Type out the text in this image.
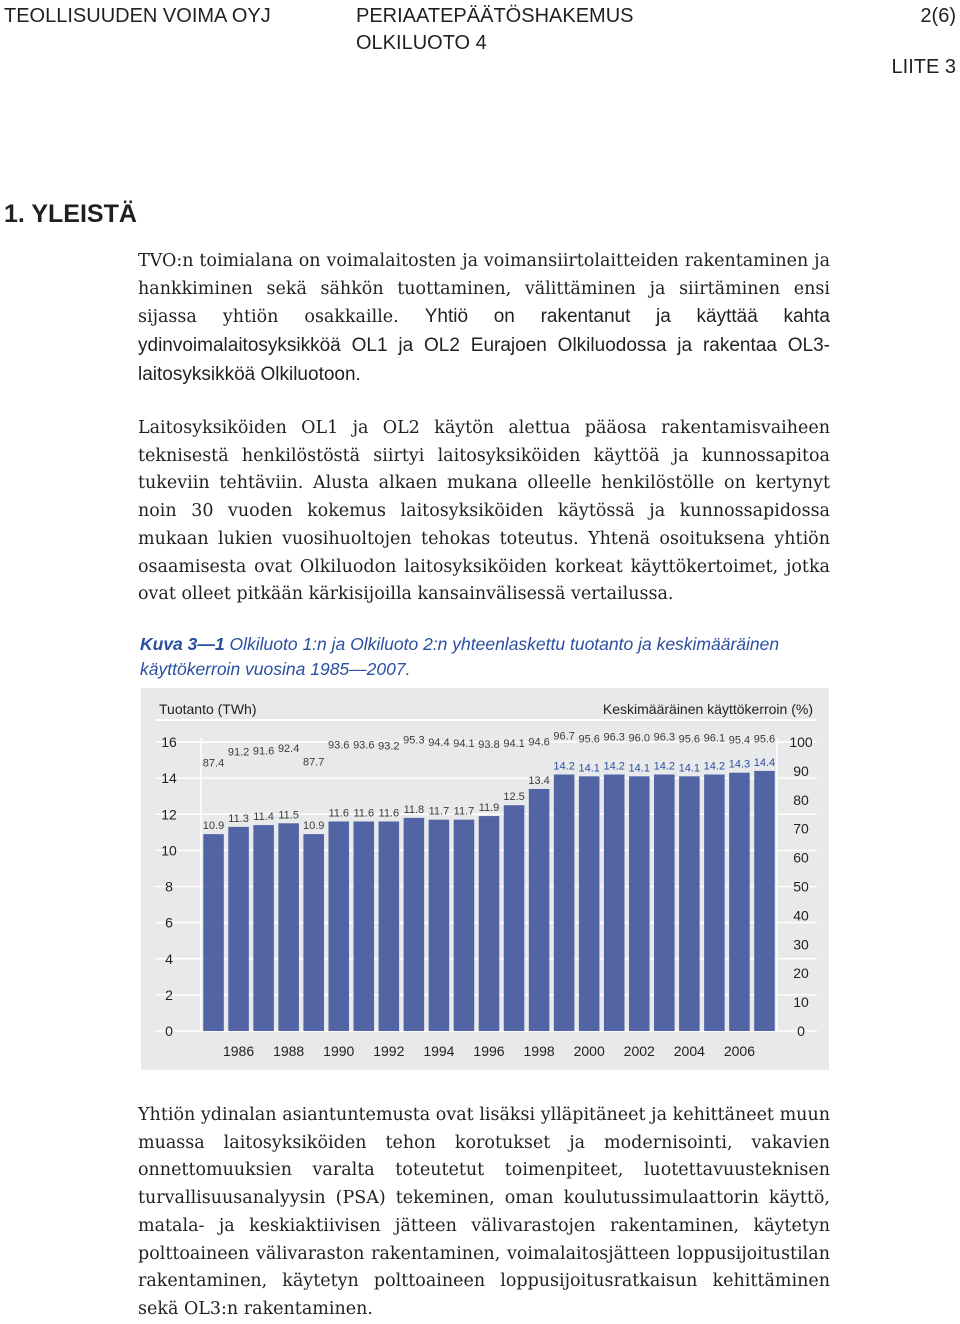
TEOLLISUUDEN VOIMA OYJ	PERIAATEPÄÄTÖSHAKEMUS
OLKILUOTO 4
2(6)
LIITE 3
1. YLEISTÄ

TVO:n toimialana on voimalaitosten ja voimansiirtolaitteiden rakentaminen ja hankkiminen sekä sähkön tuottaminen, välittäminen ja siirtäminen ensi sijassa yhtiön osakkaille. Yhtiö on rakentanut ja käyttää kahta ydinvoimalaitosyksikköä OL1 ja OL2 Eurajoen Olkiluodossa ja rakentaa OL3-laitosyksikköä Olkiluotoon.

Laitosyksiköiden OL1 ja OL2 käytön alettua pääosa rakentamisvaiheen teknisestä henkilöstöstä siirtyi laitosyksiköiden käyttöä ja kunnossapitoa tukeviin tehtäviin. Alusta alkaen mukana olleelle henkilöstölle on kertynyt noin 30 vuoden kokemus laitosyksiköiden käytössä ja kunnossapidossa mukaan lukien vuosihuoltojen tehokas toteutus. Yhtenä osoituksena yhtiön osaamisesta ovat Olkiluodon laitosyksiköiden korkeat käyttökertoimet, jotka ovat olleet pitkään kärkisijoilla kansainvälisessä vertailussa.

Kuva 3—1 Olkiluoto 1:n ja Olkiluoto 2:n yhteenlaskettu tuotanto ja keskimääräinen käyttökerroin vuosina 1985—2007.
Tuotanto (TWh)	Keskimääräinen käyttökerroin (%)
10.9
87.4
11.3
91.2
11.4
91.6
11.5
92.4
10.9
87.7
11.6
93.6
11.6
93.6
11.6
93.2
11.8
95.3
11.7
94.4
11.7
94.1
11.9
93.8
12.5
94.1
13.4
94.6
14.2
96.7
14.1
95.6
14.2
96.3
14.1
96.0
14.2
96.3
14.1
95.6
14.2
96.1
14.3
95.4
14.4
95.6
16
14
12
10
8
6
4
2
0
100
90
80
70
60
50
40
30
20
10
0
1986 1988 1990 1992 1994 1996 1998 2000 2002 2004 2006

Yhtiön ydinalan asiantuntemusta ovat lisäksi ylläpitäneet ja kehittäneet muun muassa laitosyksiköiden tehon korotukset ja modernisointi, vakavien onnettomuuksien varalta toteutetut toimenpiteet, luotettavuusteknisen turvallisuusanalyysin (PSA) tekeminen, oman koulutussimulaattorin käyttö, matala- ja keskiaktiivisen jätteen välivarastojen rakentaminen, käytetyn polttoaineen välivaraston rakentaminen, voimalaitosjätteen loppusijoitustilan rakentaminen, käytetyn polttoaineen loppusijoitusratkaisun kehittäminen sekä OL3:n rakentaminen.
